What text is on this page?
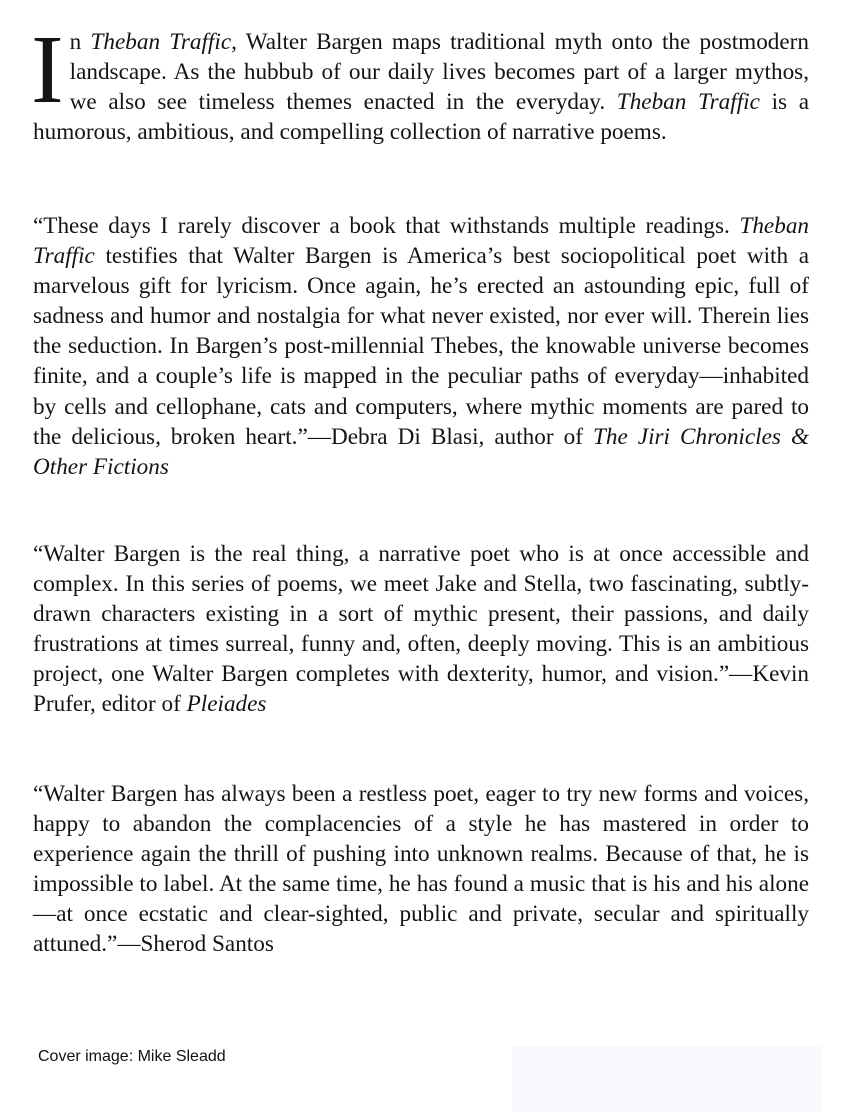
In Theban Traffic, Walter Bargen maps traditional myth onto the postmodern landscape. As the hubbub of our daily lives becomes part of a larger mythos, we also see timeless themes enacted in the everyday. Theban Traffic is a humorous, ambitious, and compelling collection of narrative poems.

“These days I rarely discover a book that withstands multiple readings. Theban Traffic testifies that Walter Bargen is America’s best sociopolitical poet with a marvelous gift for lyricism. Once again, he’s erected an astounding epic, full of sadness and humor and nostalgia for what never existed, nor ever will. Therein lies the seduction. In Bargen’s post-millennial Thebes, the knowable universe becomes finite, and a couple’s life is mapped in the peculiar paths of everyday—inhabited by cells and cellophane, cats and computers, where mythic moments are pared to the delicious, broken heart.”—Debra Di Blasi, author of The Jiri Chronicles & Other Fictions

“Walter Bargen is the real thing, a narrative poet who is at once accessible and complex. In this series of poems, we meet Jake and Stella, two fascinating, subtly-drawn characters existing in a sort of mythic present, their passions, and daily frustrations at times surreal, funny and, often, deeply moving. This is an ambitious project, one Walter Bargen completes with dexterity, humor, and vision.”—Kevin Prufer, editor of Pleiades

“Walter Bargen has always been a restless poet, eager to try new forms and voices, happy to abandon the complacencies of a style he has mastered in order to experience again the thrill of pushing into unknown realms. Because of that, he is impossible to label. At the same time, he has found a music that is his and his alone—at once ecstatic and clear-sighted, public and private, secular and spiritually attuned.”—Sherod Santos

Cover image: Mike Sleadd
